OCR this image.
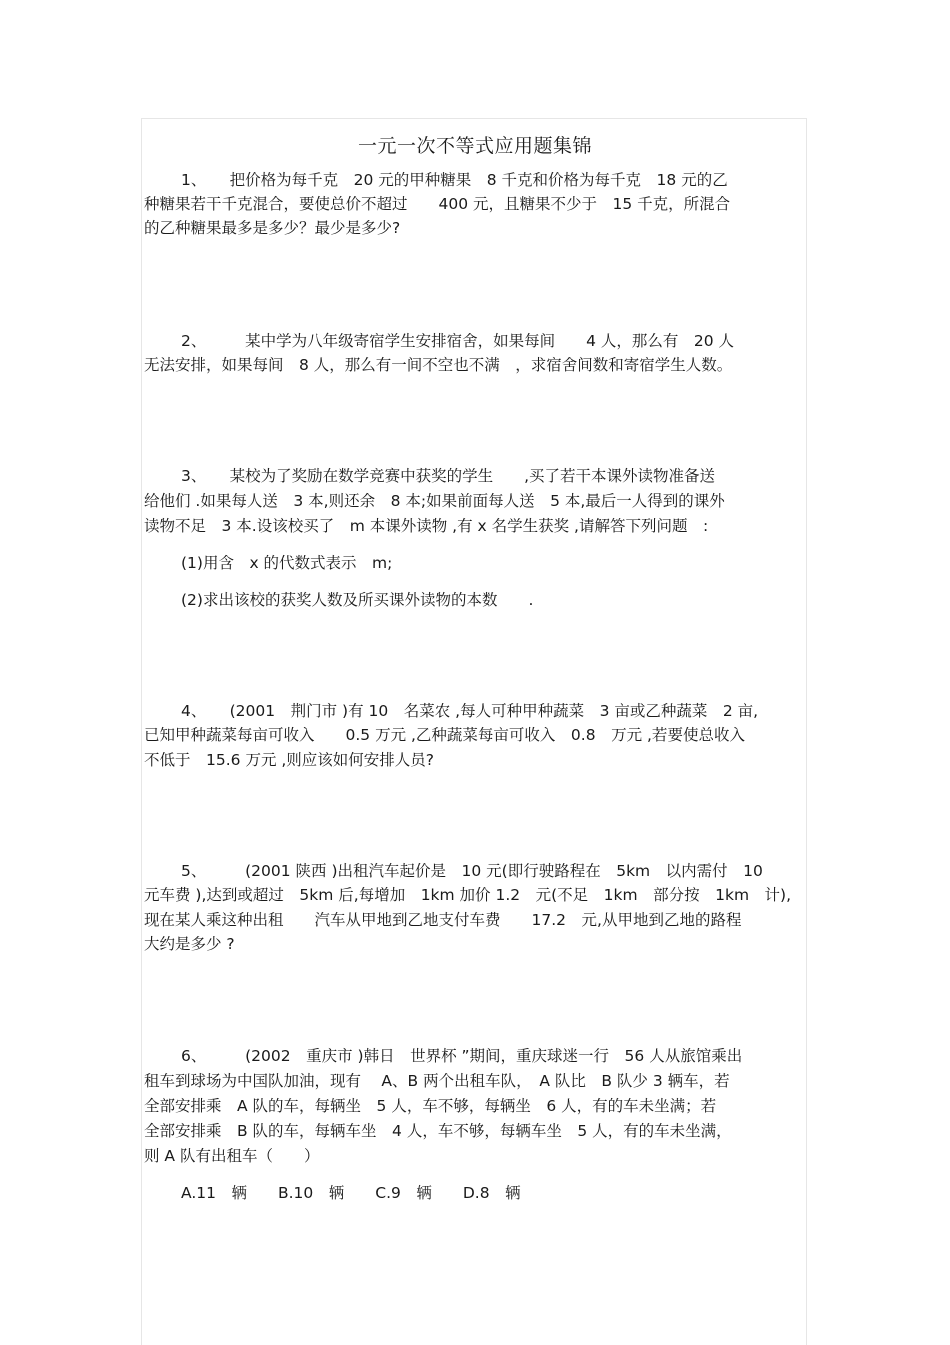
一元一次不等式应用题集锦
1、　　把价格为每千克　20 元的甲种糖果　8 千克和价格为每千克　18 元的乙
种糖果若干千克混合，要使总价不超过　　400 元，且糖果不少于　15 千克，所混合
的乙种糖果最多是多少？最少是多少?
2、　　　某中学为八年级寄宿学生安排宿舍，如果每间　　4 人，那么有　20 人
无法安排，如果每间　8 人，那么有一间不空也不满　，求宿舍间数和寄宿学生人数。
3、　　某校为了奖励在数学竞赛中获奖的学生　　,买了若干本课外读物准备送
给他们 .如果每人送　3 本,则还余　8 本;如果前面每人送　5 本,最后一人得到的课外
读物不足　3 本.设该校买了　m 本课外读物 ,有 x 名学生获奖 ,请解答下列问题　:
(1)用含　x 的代数式表示　m;
(2)求出该校的获奖人数及所买课外读物的本数　　.
4、　　(2001　荆门市 )有 10　名菜农 ,每人可种甲种蔬菜　3 亩或乙种蔬菜　2 亩,
已知甲种蔬菜每亩可收入　　0.5 万元 ,乙种蔬菜每亩可收入　0.8　万元 ,若要使总收入
不低于　15.6 万元 ,则应该如何安排人员?
5、　　　(2001 陕西 )出租汽车起价是　10 元(即行驶路程在　5km　以内需付　10
元车费 ),达到或超过　5km 后,每增加　1km 加价 1.2　元(不足　1km　部分按　1km　计),
现在某人乘这种出租　　汽车从甲地到乙地支付车费　　17.2　元,从甲地到乙地的路程
大约是多少 ?
6、　　　(2002　重庆市 )韩日　世界杯 ”期间，重庆球迷一行　56 人从旅馆乘出
租车到球场为中国队加油，现有　 A、B 两个出租车队，　A 队比　B 队少 3 辆车，若
全部安排乘　A 队的车，每辆坐　5 人，车不够，每辆坐　6 人，有的车未坐满；若
全部安排乘　B 队的车，每辆车坐　4 人，车不够，每辆车坐　5 人，有的车未坐满，
则 A 队有出租车（　　）
A.11　辆　　B.10　辆　　C.9　辆　　D.8　辆
